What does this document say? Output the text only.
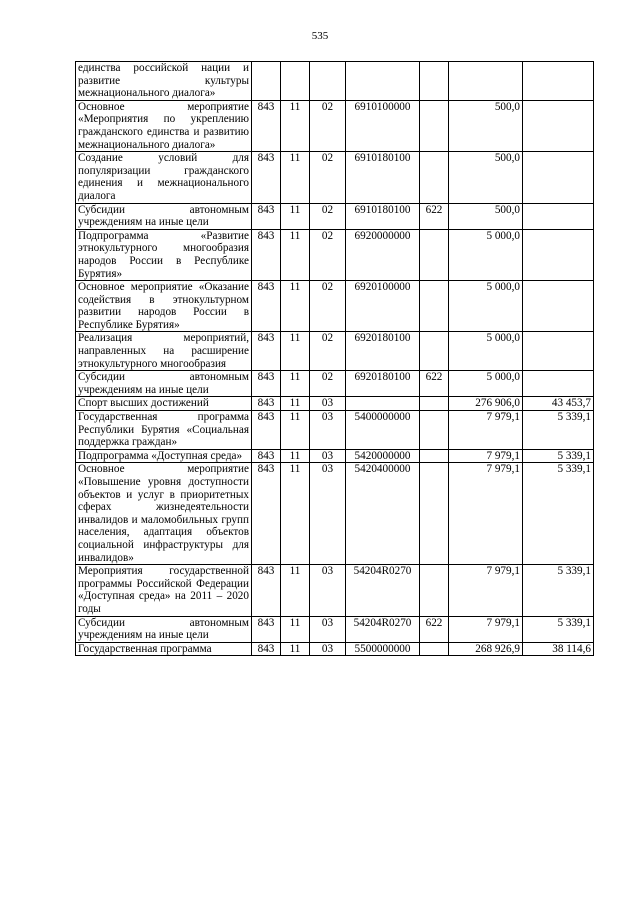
535
единства российской нации и развитие культуры межнационального диалога»							
Основное мероприятие «Мероприятия по укреплению гражданского единства и развитию межнационального диалога»	843	11	02	6910100000		500,0	
Создание условий для популяризации гражданского единения и межнационального диалога	843	11	02	6910180100		500,0	
Субсидии автономным учреждениям на иные цели	843	11	02	6910180100	622	500,0	
Подпрограмма «Развитие этнокультурного многообразия народов России в Республике Бурятия»	843	11	02	6920000000		5 000,0	
Основное мероприятие «Оказание содействия в этнокультурном развитии народов России в Республике Бурятия»	843	11	02	6920100000		5 000,0	
Реализация мероприятий, направленных на расширение этнокультурного многообразия	843	11	02	6920180100		5 000,0	
Субсидии автономным учреждениям на иные цели	843	11	02	6920180100	622	5 000,0	
Спорт высших достижений	843	11	03			276 906,0	43 453,7
Государственная программа Республики Бурятия «Социальная поддержка граждан»	843	11	03	5400000000		7 979,1	5 339,1
Подпрограмма «Доступная среда»	843	11	03	5420000000		7 979,1	5 339,1
Основное мероприятие «Повышение уровня доступности объектов и услуг в приоритетных сферах жизнедеятельности инвалидов и маломобильных групп населения, адаптация объектов социальной инфраструктуры для инвалидов»	843	11	03	5420400000		7 979,1	5 339,1
Мероприятия государственной программы Российской Федерации «Доступная среда» на 2011 – 2020 годы	843	11	03	54204R0270		7 979,1	5 339,1
Субсидии автономным учреждениям на иные цели	843	11	03	54204R0270	622	7 979,1	5 339,1
Государственная программа	843	11	03	5500000000		268 926,9	38 114,6
